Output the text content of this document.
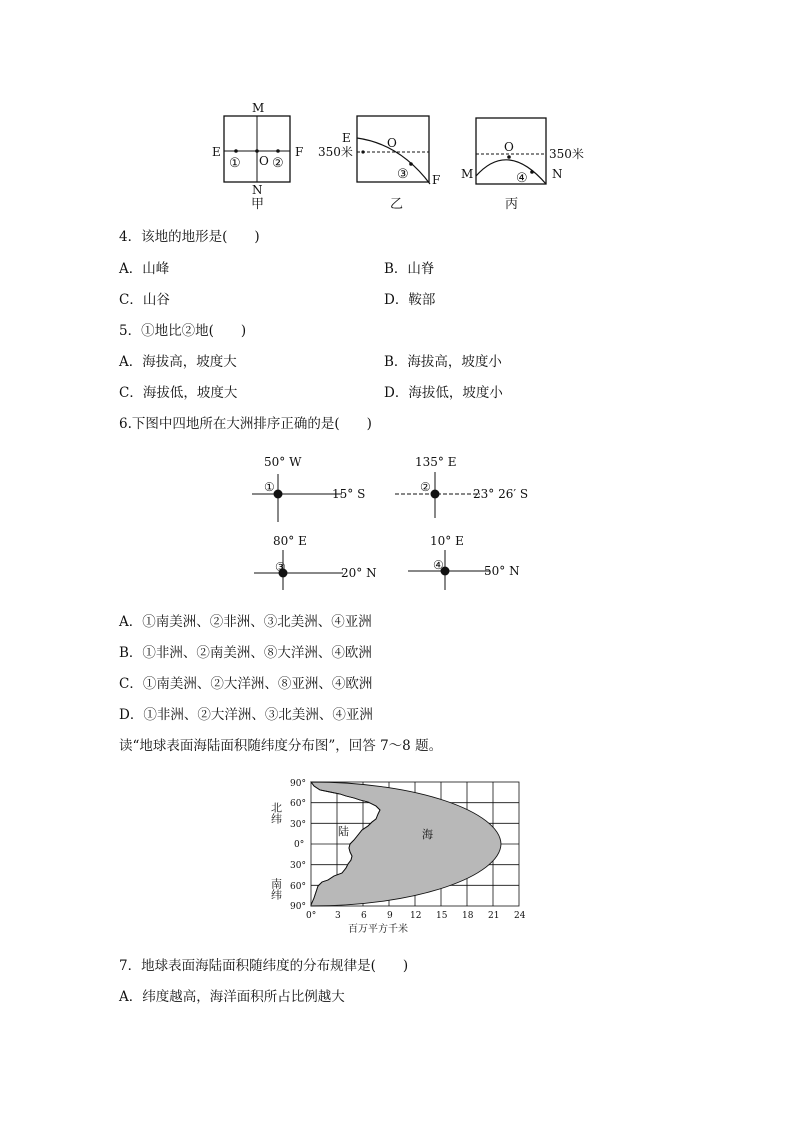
M
E	F
N
① O ②
甲
E
350米
O
③ F
乙
O	350米
M	④ N
丙
4．该地的地形是(　　)
A．山峰	B．山脊
C．山谷	D．鞍部
5．①地比②地(　　)
A．海拔高，坡度大	B．海拔高，坡度小
C．海拔低，坡度大	D．海拔低，坡度小
6.下图中四地所在大洲排序正确的是(　　)
50° W
①	15° S
135° E
②	23° 26′ S
80° E
③	20° N
10° E
④	50° N
A．①南美洲、②非洲、③北美洲、④亚洲
B．①非洲、②南美洲、⑧大洋洲、④欧洲
C．①南美洲、②大洋洲、⑧亚洲、④欧洲
D．①非洲、②大洋洲、③北美洲、④亚洲
读“地球表面海陆面积随纬度分布图”，回答 7～8 题。
90°
60°
30°
0°
30°
60°
90°
0° 3 6 9 12 15 18 21 24
北纬
南纬
陆	海
百万平方千米
7．地球表面海陆面积随纬度的分布规律是(　　)
A．纬度越高，海洋面积所占比例越大
